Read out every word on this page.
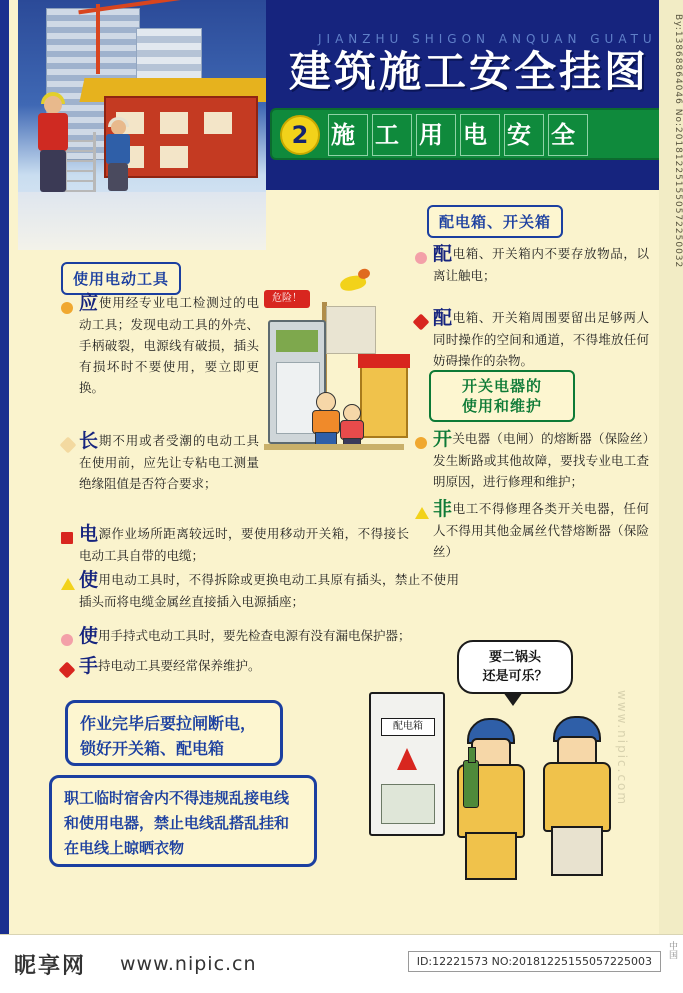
JIANZHU SHIGON ANQUAN GUATU
建筑施工安全挂图
2 施 工 用 电 安 全
使用电动工具
应使用经专业电工检测过的电动工具；发现电动工具的外壳、手柄破裂，电源线有破损，插头有损坏时不要使用，要立即更换。
长期不用或者受潮的电动工具在使用前，应先让专粘电工测量绝缘阻值是否符合要求；
电源作业场所距离较远时，要使用移动开关箱，不得接长电动工具自带的电缆；
使用电动工具时，不得拆除或更换电动工具原有插头，禁止不使用插头而将电缆金属丝直接插入电源插座；
使用手持式电动工具时，要先检查电源有没有漏电保护器；
手持电动工具要经常保养维护。
危险！
配电箱、开关箱
配电箱、开关箱内不要存放物品，以离让触电；
配电箱、开关箱周围要留出足够两人同时操作的空间和通道，不得堆放任何妨碍操作的杂物。
开关电器的
使用和维护
开关电器（电闸）的熔断器（保险丝）发生断路或其他故障，要找专业电工查明原因，进行修理和维护；
非电工不得修理各类开关电器，任何人不得用其他金属丝代替熔断器（保险丝）
作业完毕后要拉闸断电，
锁好开关箱、配电箱
职工临时宿舍内不得违规乱接电线
和使用电器，禁止电线乱搭乱挂和
在电线上晾晒衣物
要二锅头
还是可乐？
配电箱	www.nipic.com
By:13868864046 No:201812251550572250032
昵享网 www.nipic.cn	ID:12221573 NO:20181225155057225003
中国
